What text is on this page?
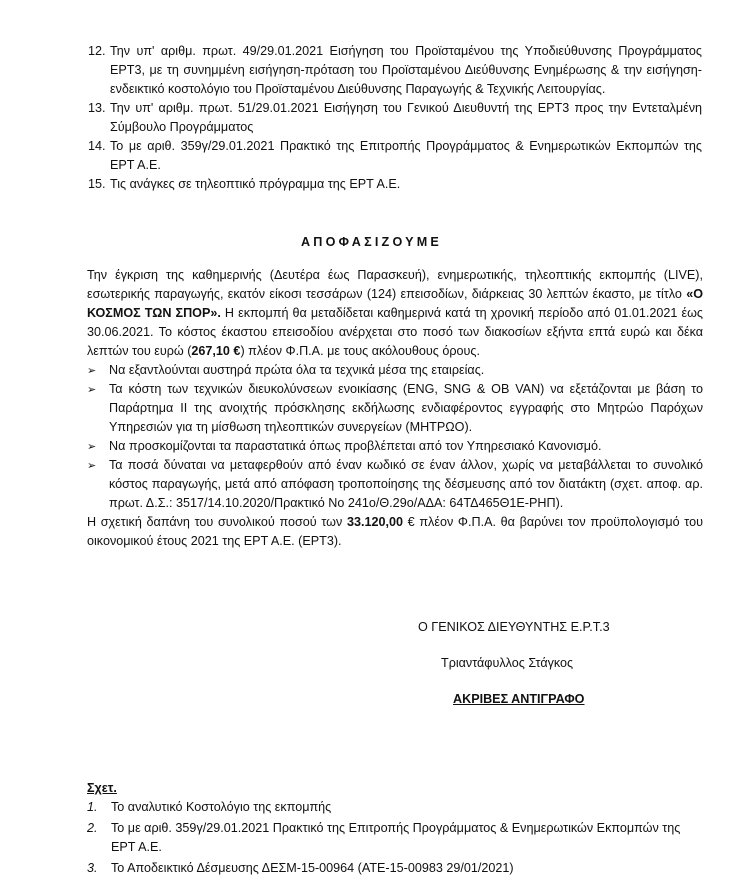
12. Την υπ' αριθμ. πρωτ. 49/29.01.2021 Εισήγηση του Προϊσταμένου της Υποδιεύθυνσης Προγράμματος ΕΡΤ3, με τη συνημμένη εισήγηση-πρόταση του Προϊσταμένου Διεύθυνσης Ενημέρωσης & την εισήγηση-ενδεικτικό κοστολόγιο του Προϊσταμένου Διεύθυνσης Παραγωγής & Τεχνικής Λειτουργίας.
13. Την υπ' αριθμ. πρωτ. 51/29.01.2021 Εισήγηση του Γενικού Διευθυντή της ΕΡΤ3 προς την Εντεταλμένη Σύμβουλο Προγράμματος
14. Το με αριθ. 359γ/29.01.2021 Πρακτικό της Επιτροπής Προγράμματος & Ενημερωτικών Εκπομπών της ΕΡΤ Α.Ε.
15. Τις ανάγκες σε τηλεοπτικό πρόγραμμα της ΕΡΤ Α.Ε.
ΑΠΟΦΑΣΙΖΟΥΜΕ
Την έγκριση της καθημερινής (Δευτέρα έως Παρασκευή), ενημερωτικής, τηλεοπτικής εκπομπής (LIVE), εσωτερικής παραγωγής, εκατόν είκοσι τεσσάρων (124) επεισοδίων, διάρκειας 30 λεπτών έκαστο, με τίτλο «Ο ΚΟΣΜΟΣ ΤΩΝ ΣΠΟΡ». Η εκπομπή θα μεταδίδεται καθημερινά κατά τη χρονική περίοδο από 01.01.2021 έως 30.06.2021. Το κόστος έκαστου επεισοδίου ανέρχεται στο ποσό των διακοσίων εξήντα επτά ευρώ και δέκα λεπτών του ευρώ (267,10 €) πλέον Φ.Π.Α. με τους ακόλουθους όρους.
➢	Να εξαντλούνται αυστηρά πρώτα όλα τα τεχνικά μέσα της εταιρείας.
➢	Τα κόστη των τεχνικών διευκολύνσεων ενοικίασης (ENG, SNG & OB VAN) να εξετάζονται με βάση το Παράρτημα ΙΙ της ανοιχτής πρόσκλησης εκδήλωσης ενδιαφέροντος εγγραφής στο Μητρώο Παρόχων Υπηρεσιών για τη μίσθωση τηλεοπτικών συνεργείων (ΜΗΤΡΩΟ).
➢	Να προσκομίζονται τα παραστατικά όπως προβλέπεται από τον Υπηρεσιακό Κανονισμό.
➢	Τα ποσά δύναται να μεταφερθούν από έναν κωδικό σε έναν άλλον, χωρίς να μεταβάλλεται το συνολικό κόστος παραγωγής, μετά από απόφαση τροποποίησης της δέσμευσης από τον διατάκτη (σχετ. αποφ. αρ. πρωτ. Δ.Σ.: 3517/14.10.2020/Πρακτικό Νο 241ο/Θ.29ο/ΑΔΑ: 64ΤΔ465Θ1Ε-ΡΗΠ).
Η σχετική δαπάνη του συνολικού ποσού των 33.120,00 € πλέον Φ.Π.Α. θα βαρύνει τον προϋπολογισμό του οικονομικού έτους 2021 της ΕΡΤ Α.Ε. (ΕΡΤ3).
Ο ΓΕΝΙΚΟΣ ΔΙΕΥΘΥΝΤΗΣ Ε.Ρ.Τ.3
Τριαντάφυλλος Στάγκος
ΑΚΡΙΒΕΣ ΑΝΤΙΓΡΑΦΟ
Σχετ.
1.	Το αναλυτικό Κοστολόγιο της εκπομπής
2.	Το με αριθ. 359γ/29.01.2021 Πρακτικό της Επιτροπής Προγράμματος & Ενημερωτικών Εκπομπών της ΕΡΤ Α.Ε.
3.	Το Αποδεικτικό Δέσμευσης ΔΕΣΜ-15-00964 (ΑΤΕ-15-00983 29/01/2021)
